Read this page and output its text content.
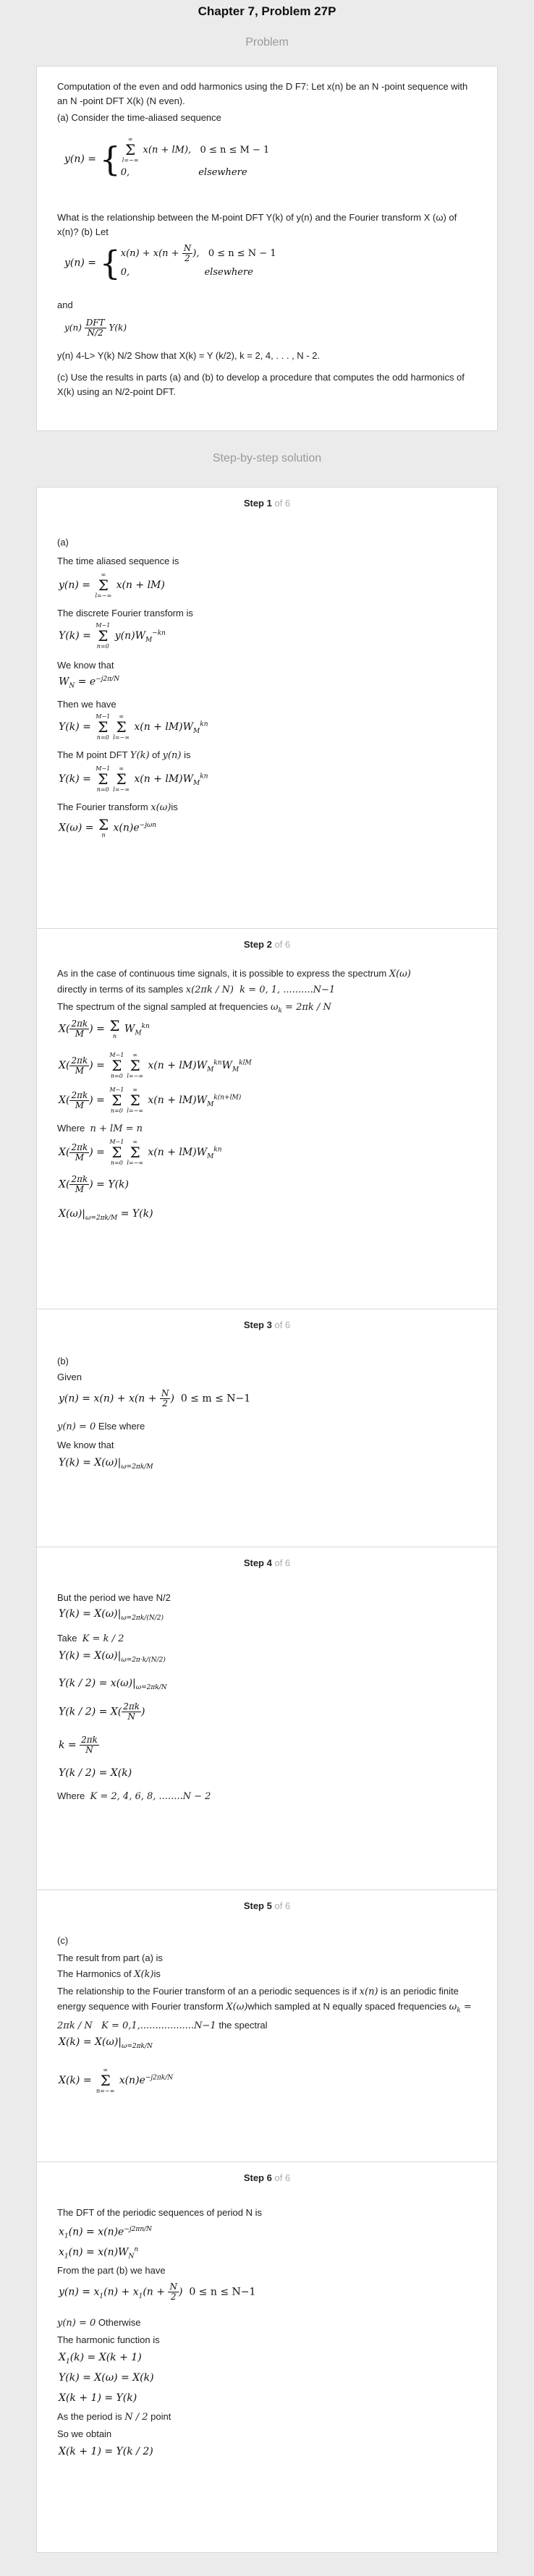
Chapter 7, Problem 27P
Problem
Computation of the even and odd harmonics using the D F7: Let x(n) be an N -point sequence with an N -point DFT X(k) (N even).
(a) Consider the time-aliased sequence
y(n) = {
∞
Σ
l=−∞
x(n + lM),   0 ≤ n ≤ M − 1
0,                       elsewhere
What is the relationship between the M-point DFT Y(k) of y(n) and the Fourier transform X (ω) of x(n)? (b) Let
$y(n) = \{x(n) + x(n + \frac{N}{2}$ ),   0 ≤ n ≤ N − 1
0,                         elsewhere
and
$y(n) \frac{\text{DFT}}{N/2} Y(k)$
y(n) 4-L> Y(k) N/2 Show that X(k) = Y (k/2), k = 2, 4, . . . , N - 2.
(c) Use the results in parts (a) and (b) to develop a procedure that computes the odd harmonics of X(k) using an N/2-point DFT.
Step-by-step solution
Step 1 of 6
(a)
The time aliased sequence is
y(n) =
∞
Σ
l=−∞
x(n + lM)
The discrete Fourier transform is
Y(k) =
M−1
Σ
n=0
$y(n)W_M^{-kn}$
We know that
$W_N = e^{-j2\pi/N}$
Then we have
Y(k) =
M−1
Σ
n=0
∞
Σ
l=−∞
$x(n + lM)W_M^{kn}$
The M point DFT Y(k) of y(n) is
Y(k) =
M−1
Σ
n=0
∞
Σ
l=−∞
$x(n + lM)W_M^{kn}$
The Fourier transform x(ω)is
X(ω) = Σ
n
$x(n)e^{-j\omega n}$
Step 2 of 6
As in the case of continuous time signals, it is possible to express the spectrum X(ω)
directly in terms of its samples x(2πk / N)  k = 0, 1, ..........N−1
The spectrum of the signal sampled at frequencies $\omega_k = 2\pi k / N$
$X( \frac{2\pi k}{M}$ ) = Σ
n
$W_M^{kn}$
$X( \frac{2\pi k}{M}$ ) =
M−1
Σ
n=0
∞
Σ
l=−∞
$x(n + lM)W_M^{kn}W_M^{klM}$
$X( \frac{2\pi k}{M}$ ) =
M−1
Σ
n=0
∞
Σ
l=−∞
$x(n + lM)W_M^{k(n+lM)}$
Where n + lM = n
$X( \frac{2\pi k}{M}$ ) =
M−1
Σ
n=0
∞
Σ
l=−∞
$x(n + lM)W_M^{kn}$
$X( \frac{2\pi k}{M}$ ) = Y(k)
$X(\omega)|_{\omega=2\pi k/M} = Y(k)$
Step 3 of 6
(b)
Given
$y(n) = x(n) + x(n + \frac{N}{2}$ )  0 ≤ m ≤ N−1
y(n) = 0 Else where
We know that
$Y(k) = X(\omega)|_{\omega=2\pi k/M}$
Step 4 of 6
But the period we have N/2
$Y(k) = X(\omega)|_{\omega=2\pi k/(N/2)}$
Take K = k / 2
$Y(k) = X(\omega)|_{\omega=2\pi\cdot k/(N/2)}$
$Y(k / 2) = x(\omega)|_{\omega=2\pi k/N}$
$Y(k / 2) = X( \frac{2\pi k}{N}$ )
$k = \frac{2\pi k}{N}$
Y(k / 2) = X(k)
Where K = 2, 4, 6, 8, ........N − 2
Step 5 of 6
(c)
The result from part (a) is
The Harmonics of X(k)is
The relationship to the Fourier transform of an a periodic sequences is if x(n) is an periodic finite energy sequence with Fourier transform X(ω)which sampled at N equally spaced frequencies $\omega_k = 2\pi k / N$   K = 0,1,..................N−1 the spectral
$X(k) = X(\omega)|_{\omega=2\pi k/N}$
X(k) =
∞
Σ
n=−∞
$x(n)e^{-j2\pi k/N}$
Step 6 of 6
The DFT of the periodic sequences of period N is
$x_1(n) = x(n)e^{-j2\pi n/N}$
$x_1(n) = x(n)W_N^n$
From the part (b) we have
$y(n) = x_1(n) + x_1(n + \frac{N}{2}$ )  0 ≤ n ≤ N−1
y(n) = 0 Otherwise
The harmonic function is
$X_1(k) = X(k + 1)$
Y(k) = X(ω) = X(k)
X(k + 1) = Y(k)
As the period is N / 2 point
So we obtain
X(k + 1) = Y(k / 2)
